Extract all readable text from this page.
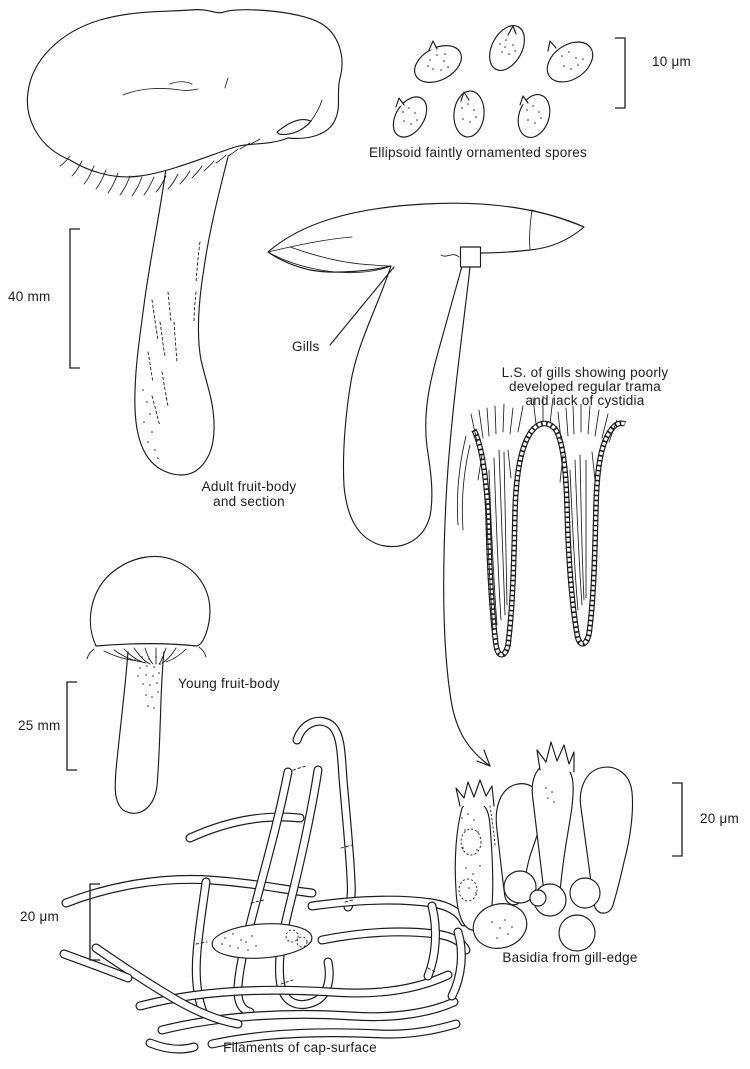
10 μm
Ellipsoid faintly ornamented spores
40 mm
Gills
L.S. of gills showing poorly
developed regular trama
and iack of cystidia
Adult fruit-body
and section
Young fruit-body
25 mm
20 μm
20 μm
Basidia from gill-edge
Filaments of cap-surface
